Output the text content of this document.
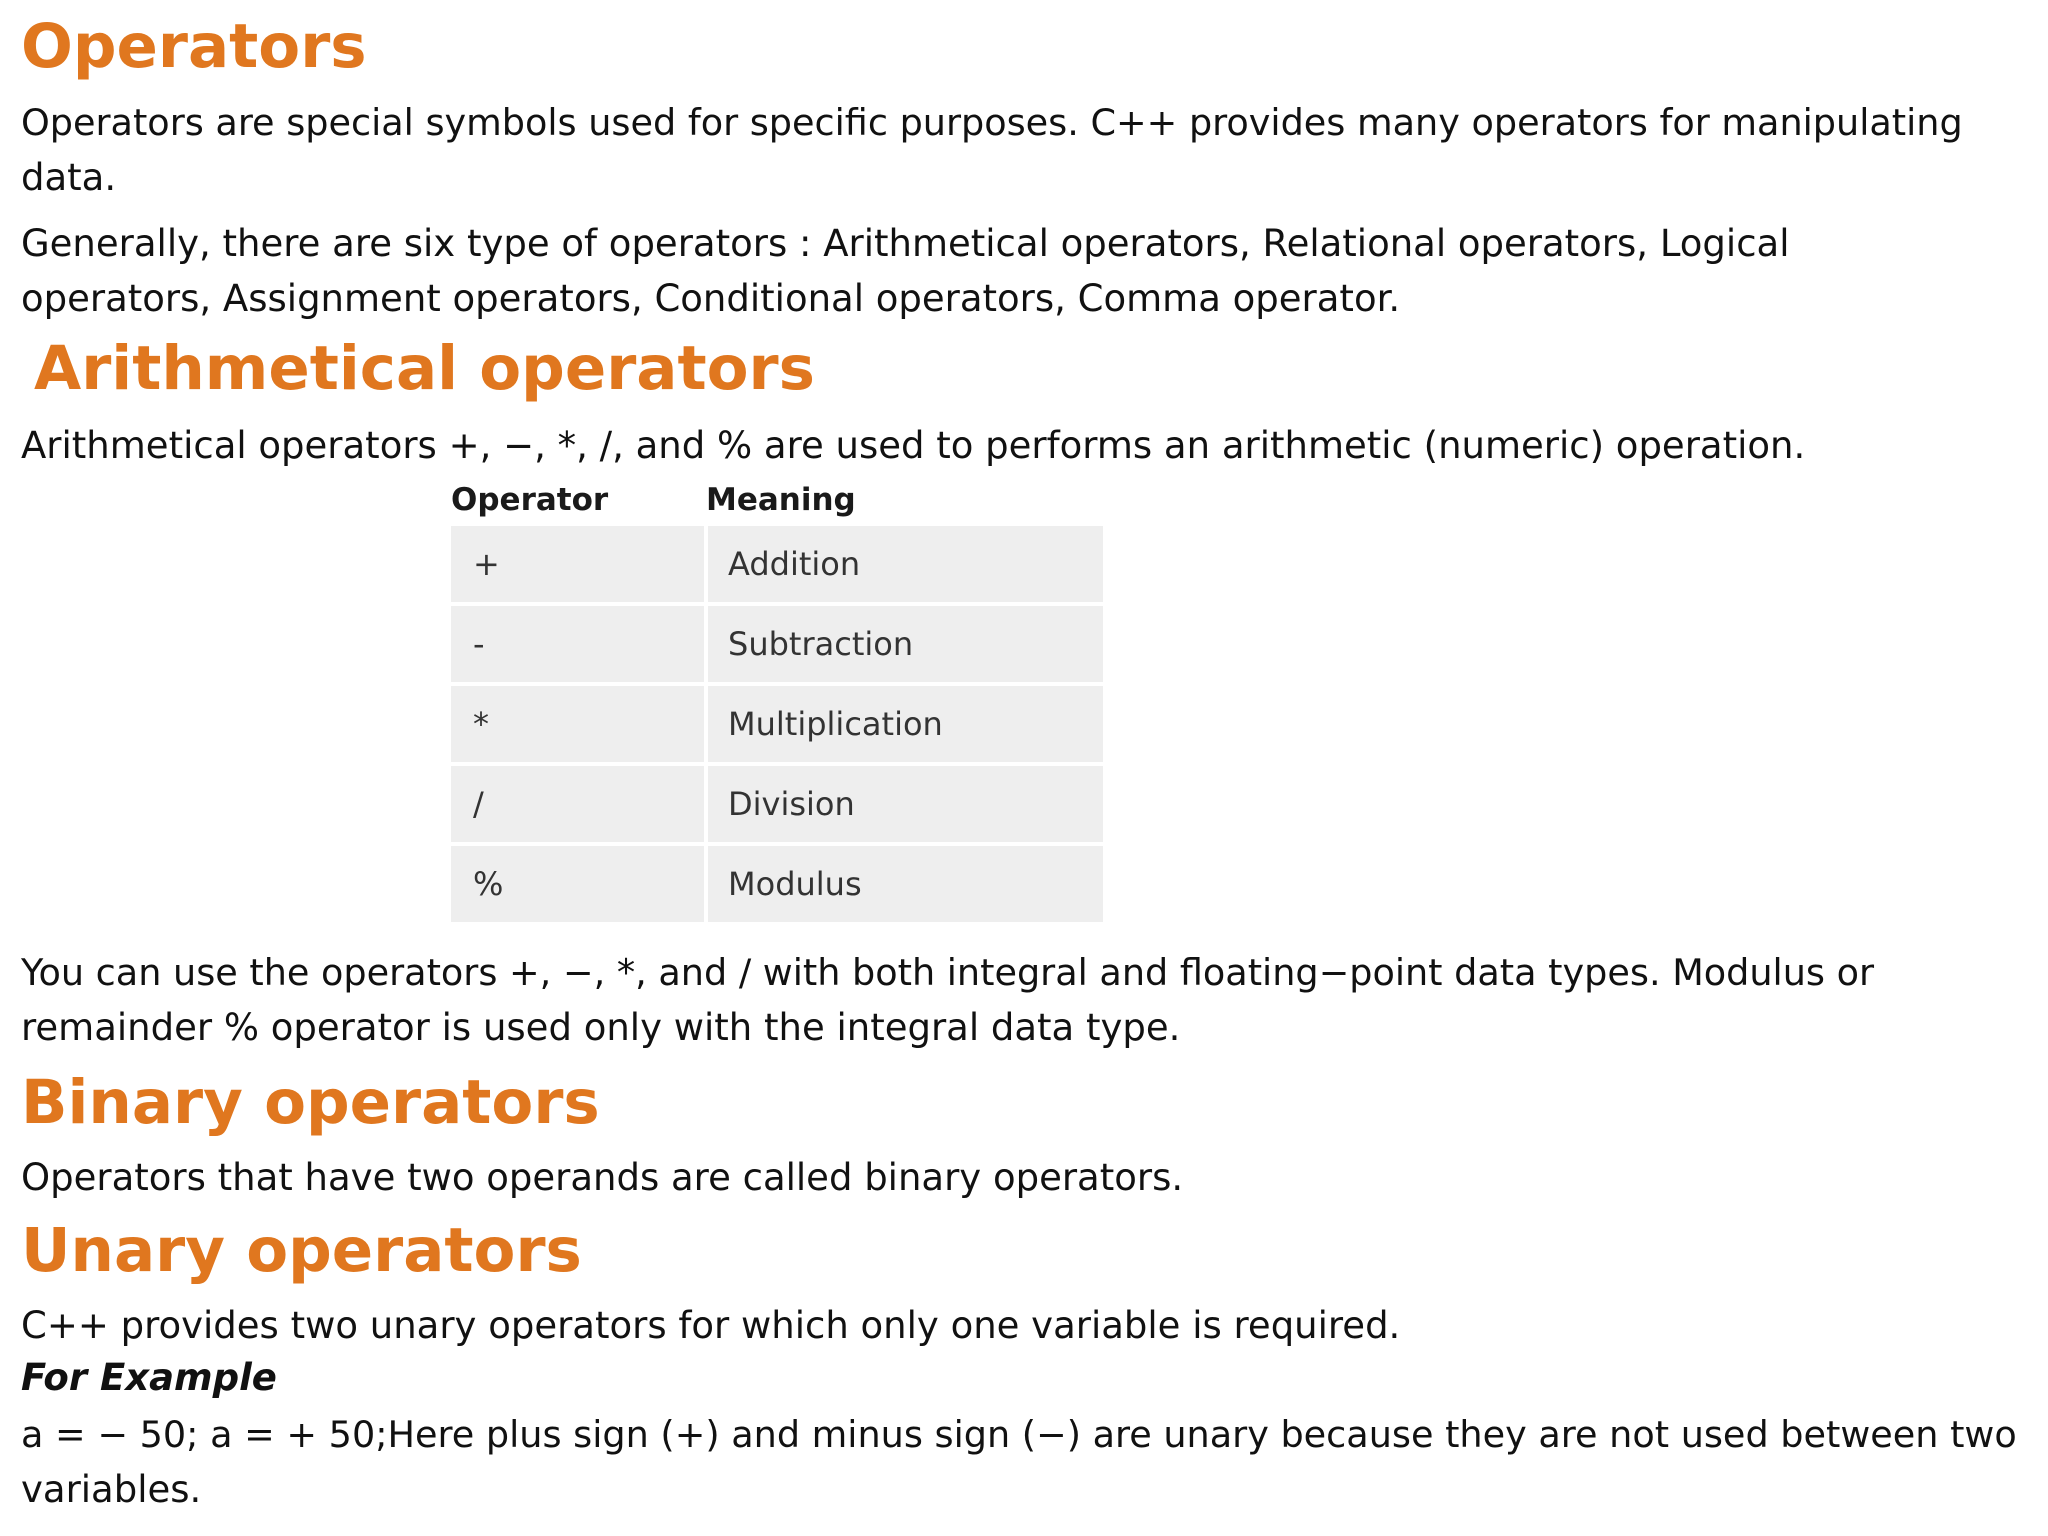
Operators

Operators are special symbols used for specific purposes. C++ provides many operators for manipulating

data.

Generally, there are six type of operators : Arithmetical operators, Relational operators, Logical

operators, Assignment operators, Conditional operators, Comma operator.

Arithmetical operators

Arithmetical operators +, −, *, /, and % are used to performs an arithmetic (numeric) operation.

Operator	Meaning
+	Addition
-	Subtraction
*	Multiplication
/	Division
%	Modulus

You can use the operators +, −, *, and / with both integral and floating−point data types. Modulus or

remainder % operator is used only with the integral data type.

Binary operators

Operators that have two operands are called binary operators.

Unary operators

C++ provides two unary operators for which only one variable is required.

For Example

a = − 50; a = + 50;Here plus sign (+) and minus sign (−) are unary because they are not used between two

variables.
